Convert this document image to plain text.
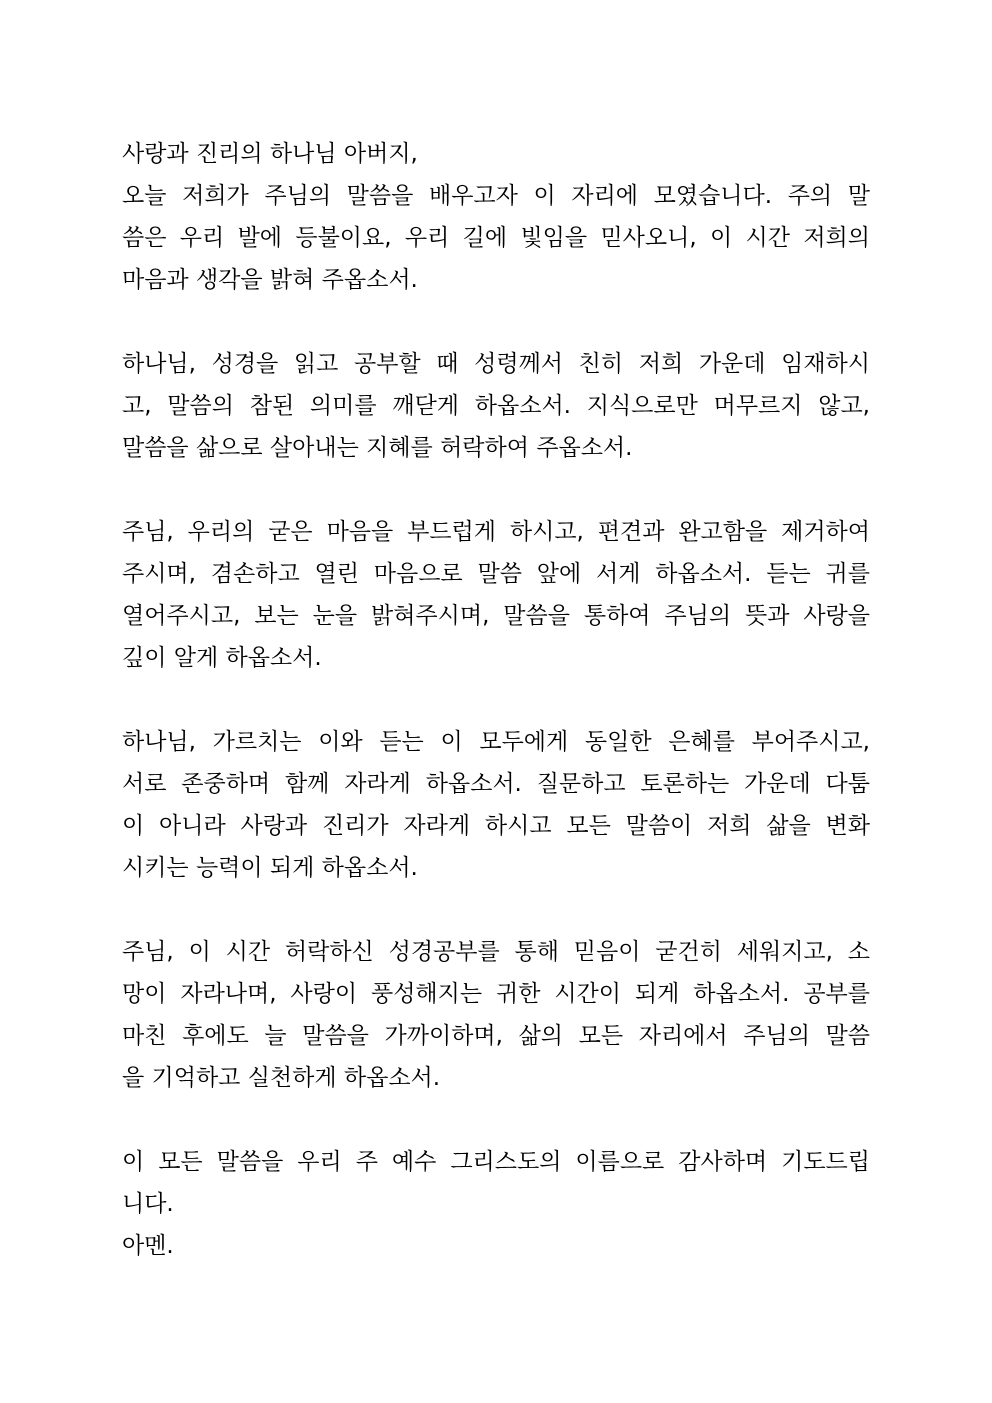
사랑과 진리의 하나님 아버지,
오늘 저희가 주님의 말씀을 배우고자 이 자리에 모였습니다. 주의 말
씀은 우리 발에 등불이요, 우리 길에 빛임을 믿사오니, 이 시간 저희의
마음과 생각을 밝혀 주옵소서.
하나님, 성경을 읽고 공부할 때 성령께서 친히 저희 가운데 임재하시
고, 말씀의 참된 의미를 깨닫게 하옵소서. 지식으로만 머무르지 않고,
말씀을 삶으로 살아내는 지혜를 허락하여 주옵소서.
주님, 우리의 굳은 마음을 부드럽게 하시고, 편견과 완고함을 제거하여
주시며, 겸손하고 열린 마음으로 말씀 앞에 서게 하옵소서. 듣는 귀를
열어주시고, 보는 눈을 밝혀주시며, 말씀을 통하여 주님의 뜻과 사랑을
깊이 알게 하옵소서.
하나님, 가르치는 이와 듣는 이 모두에게 동일한 은혜를 부어주시고,
서로 존중하며 함께 자라게 하옵소서. 질문하고 토론하는 가운데 다툼
이 아니라 사랑과 진리가 자라게 하시고 모든 말씀이 저희 삶을 변화
시키는 능력이 되게 하옵소서.
주님, 이 시간 허락하신 성경공부를 통해 믿음이 굳건히 세워지고, 소
망이 자라나며, 사랑이 풍성해지는 귀한 시간이 되게 하옵소서. 공부를
마친 후에도 늘 말씀을 가까이하며, 삶의 모든 자리에서 주님의 말씀
을 기억하고 실천하게 하옵소서.
이 모든 말씀을 우리 주 예수 그리스도의 이름으로 감사하며 기도드립
니다.
아멘.
